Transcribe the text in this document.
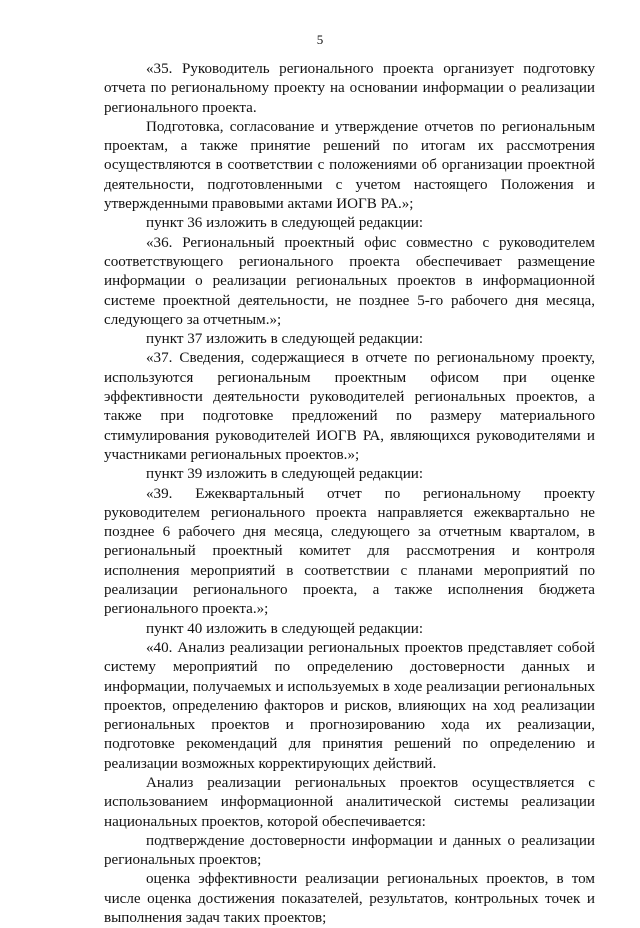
5

«35. Руководитель регионального проекта организует подготовку отчета по региональному проекту на основании информации о реализации регионального проекта.

Подготовка, согласование и утверждение отчетов по региональным проектам, а также принятие решений по итогам их рассмотрения осуществляются в соответствии с положениями об организации проектной деятельности, подготовленными с учетом настоящего Положения и утвержденными правовыми актами ИОГВ РА.»;

пункт 36 изложить в следующей редакции:

«36. Региональный проектный офис совместно с руководителем соответствующего регионального проекта обеспечивает размещение информации о реализации региональных проектов в информационной системе проектной деятельности, не позднее 5-го рабочего дня месяца, следующего за отчетным.»;

пункт 37 изложить в следующей редакции:

«37. Сведения, содержащиеся в отчете по региональному проекту, используются региональным проектным офисом при оценке эффективности деятельности руководителей региональных проектов, а также при подготовке предложений по размеру материального стимулирования руководителей ИОГВ РА, являющихся руководителями и участниками региональных проектов.»;

пункт 39 изложить в следующей редакции:

«39. Ежеквартальный отчет по региональному проекту руководителем регионального проекта направляется ежеквартально не позднее 6 рабочего дня месяца, следующего за отчетным кварталом, в региональный проектный комитет для рассмотрения и контроля исполнения мероприятий в соответствии с планами мероприятий по реализации регионального проекта, а также исполнения бюджета регионального проекта.»;

пункт 40 изложить в следующей редакции:

«40. Анализ реализации региональных проектов представляет собой систему мероприятий по определению достоверности данных и информации, получаемых и используемых в ходе реализации региональных проектов, определению факторов и рисков, влияющих на ход реализации региональных проектов и прогнозированию хода их реализации, подготовке рекомендаций для принятия решений по определению и реализации возможных корректирующих действий.

Анализ реализации региональных проектов осуществляется с использованием информационной аналитической системы реализации национальных проектов, которой обеспечивается:

подтверждение достоверности информации и данных о реализации региональных проектов;

оценка эффективности реализации региональных проектов, в том числе оценка достижения показателей, результатов, контрольных точек и выполнения задач таких проектов;
